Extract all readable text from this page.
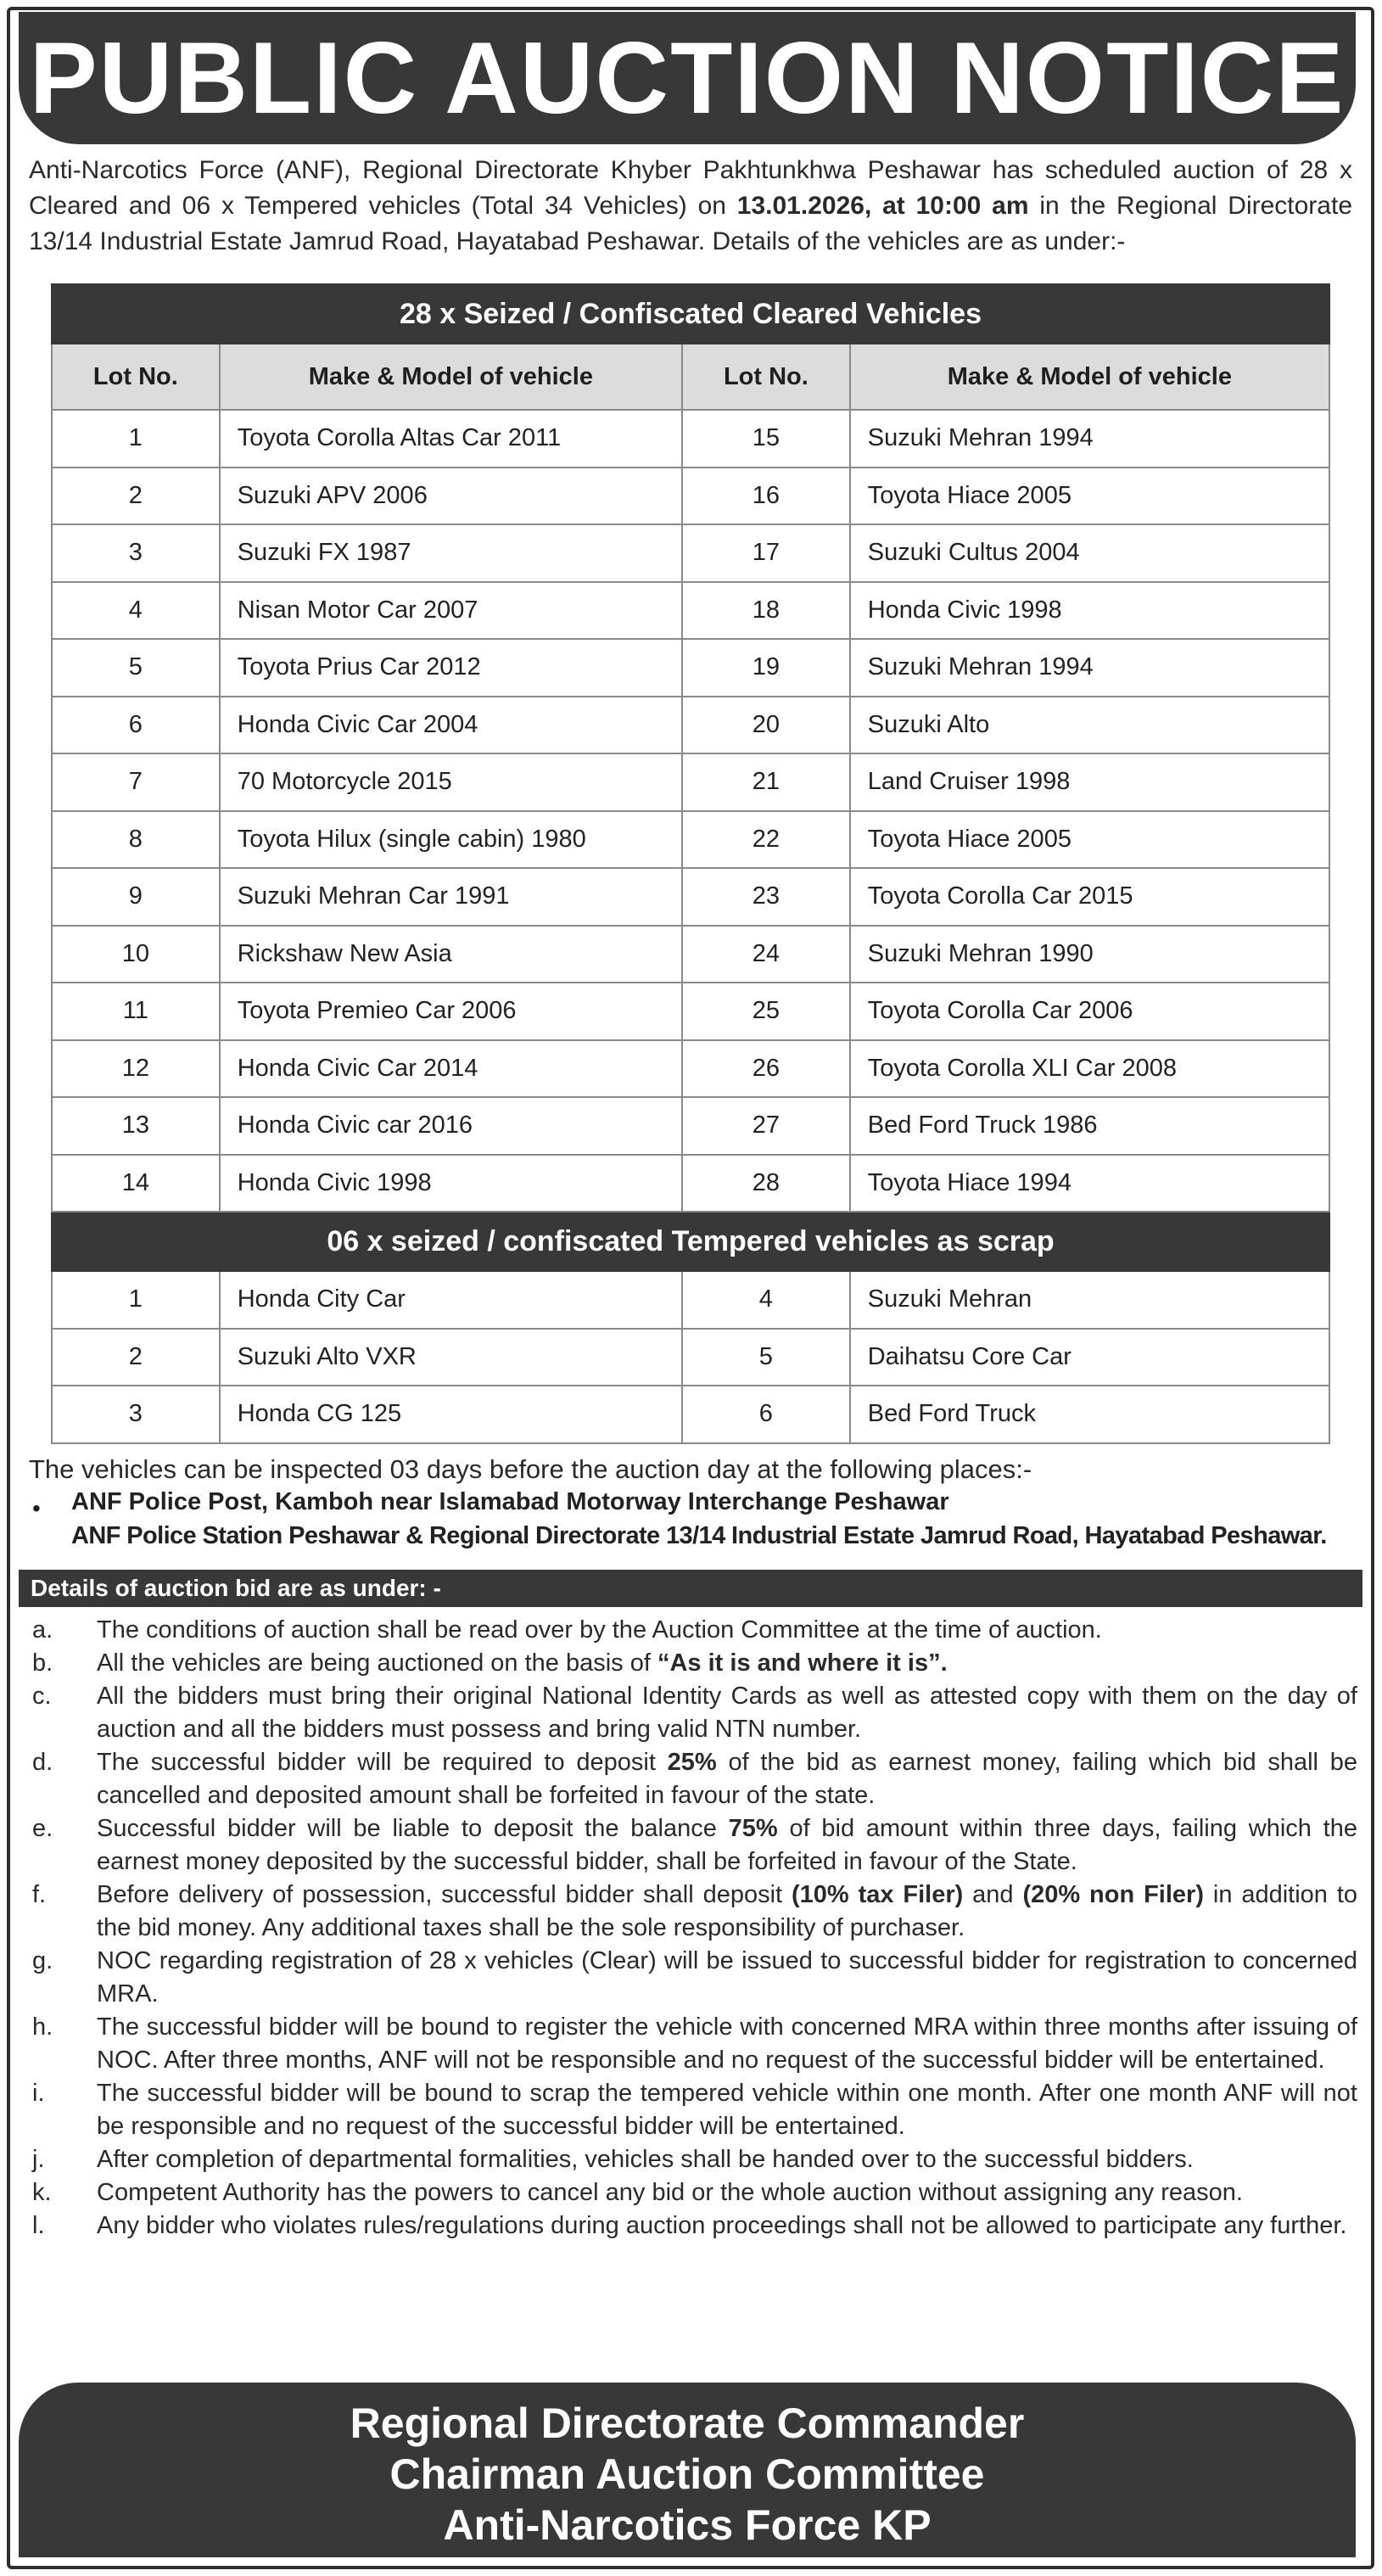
PUBLIC AUCTION NOTICE

Anti-Narcotics Force (ANF), Regional Directorate Khyber Pakhtunkhwa Peshawar has scheduled auction of 28 x Cleared and 06 x Tempered vehicles (Total 34 Vehicles) on 13.01.2026, at 10:00 am in the Regional Directorate 13/14 Industrial Estate Jamrud Road, Hayatabad Peshawar. Details of the vehicles are as under:-

28 x Seized / Confiscated Cleared Vehicles			
Lot No.	Make & Model of vehicle	Lot No.	Make & Model of vehicle
1	Toyota Corolla Altas Car 2011	15	Suzuki Mehran 1994
2	Suzuki APV 2006	16	Toyota Hiace 2005
3	Suzuki FX 1987	17	Suzuki Cultus 2004
4	Nisan Motor Car 2007	18	Honda Civic 1998
5	Toyota Prius Car 2012	19	Suzuki Mehran 1994
6	Honda Civic Car 2004	20	Suzuki Alto
7	70 Motorcycle 2015	21	Land Cruiser 1998
8	Toyota Hilux (single cabin) 1980	22	Toyota Hiace 2005
9	Suzuki Mehran Car 1991	23	Toyota Corolla Car 2015
10	Rickshaw New Asia	24	Suzuki Mehran 1990
11	Toyota Premieo Car 2006	25	Toyota Corolla Car 2006
12	Honda Civic Car 2014	26	Toyota Corolla XLI Car 2008
13	Honda Civic car 2016	27	Bed Ford Truck 1986
14	Honda Civic 1998	28	Toyota Hiace 1994
06 x seized / confiscated Tempered vehicles as scrap			
1	Honda City Car	4	Suzuki Mehran
2	Suzuki Alto VXR	5	Daihatsu Core Car
3	Honda CG 125	6	Bed Ford Truck

The vehicles can be inspected 03 days before the auction day at the following places:-

• ANF Police Post, Kamboh near Islamabad Motorway Interchange Peshawar

ANF Police Station Peshawar & Regional Directorate 13/14 Industrial Estate Jamrud Road, Hayatabad Peshawar.

Details of auction bid are as under: -
a.	The conditions of auction shall be read over by the Auction Committee at the time of auction.
b.	All the vehicles are being auctioned on the basis of “As it is and where it is”.
c.	All the bidders must bring their original National Identity Cards as well as attested copy with them on the day of auction and all the bidders must possess and bring valid NTN number.
d.	The successful bidder will be required to deposit 25% of the bid as earnest money, failing which bid shall be cancelled and deposited amount shall be forfeited in favour of the state.
e.	Successful bidder will be liable to deposit the balance 75% of bid amount within three days, failing which the earnest money deposited by the successful bidder, shall be forfeited in favour of the State.
f.	Before delivery of possession, successful bidder shall deposit (10% tax Filer) and (20% non Filer) in addition to the bid money. Any additional taxes shall be the sole responsibility of purchaser.
g.	NOC regarding registration of 28 x vehicles (Clear) will be issued to successful bidder for registration to concerned MRA.
h.	The successful bidder will be bound to register the vehicle with concerned MRA within three months after issuing of NOC. After three months, ANF will not be responsible and no request of the successful bidder will be entertained.
i.	The successful bidder will be bound to scrap the tempered vehicle within one month. After one month ANF will not be responsible and no request of the successful bidder will be entertained.
j.	After completion of departmental formalities, vehicles shall be handed over to the successful bidders.
k.	Competent Authority has the powers to cancel any bid or the whole auction without assigning any reason.
l.	Any bidder who violates rules/regulations during auction proceedings shall not be allowed to participate any further.
Regional Directorate Commander
Chairman Auction Committee
Anti-Narcotics Force KP
